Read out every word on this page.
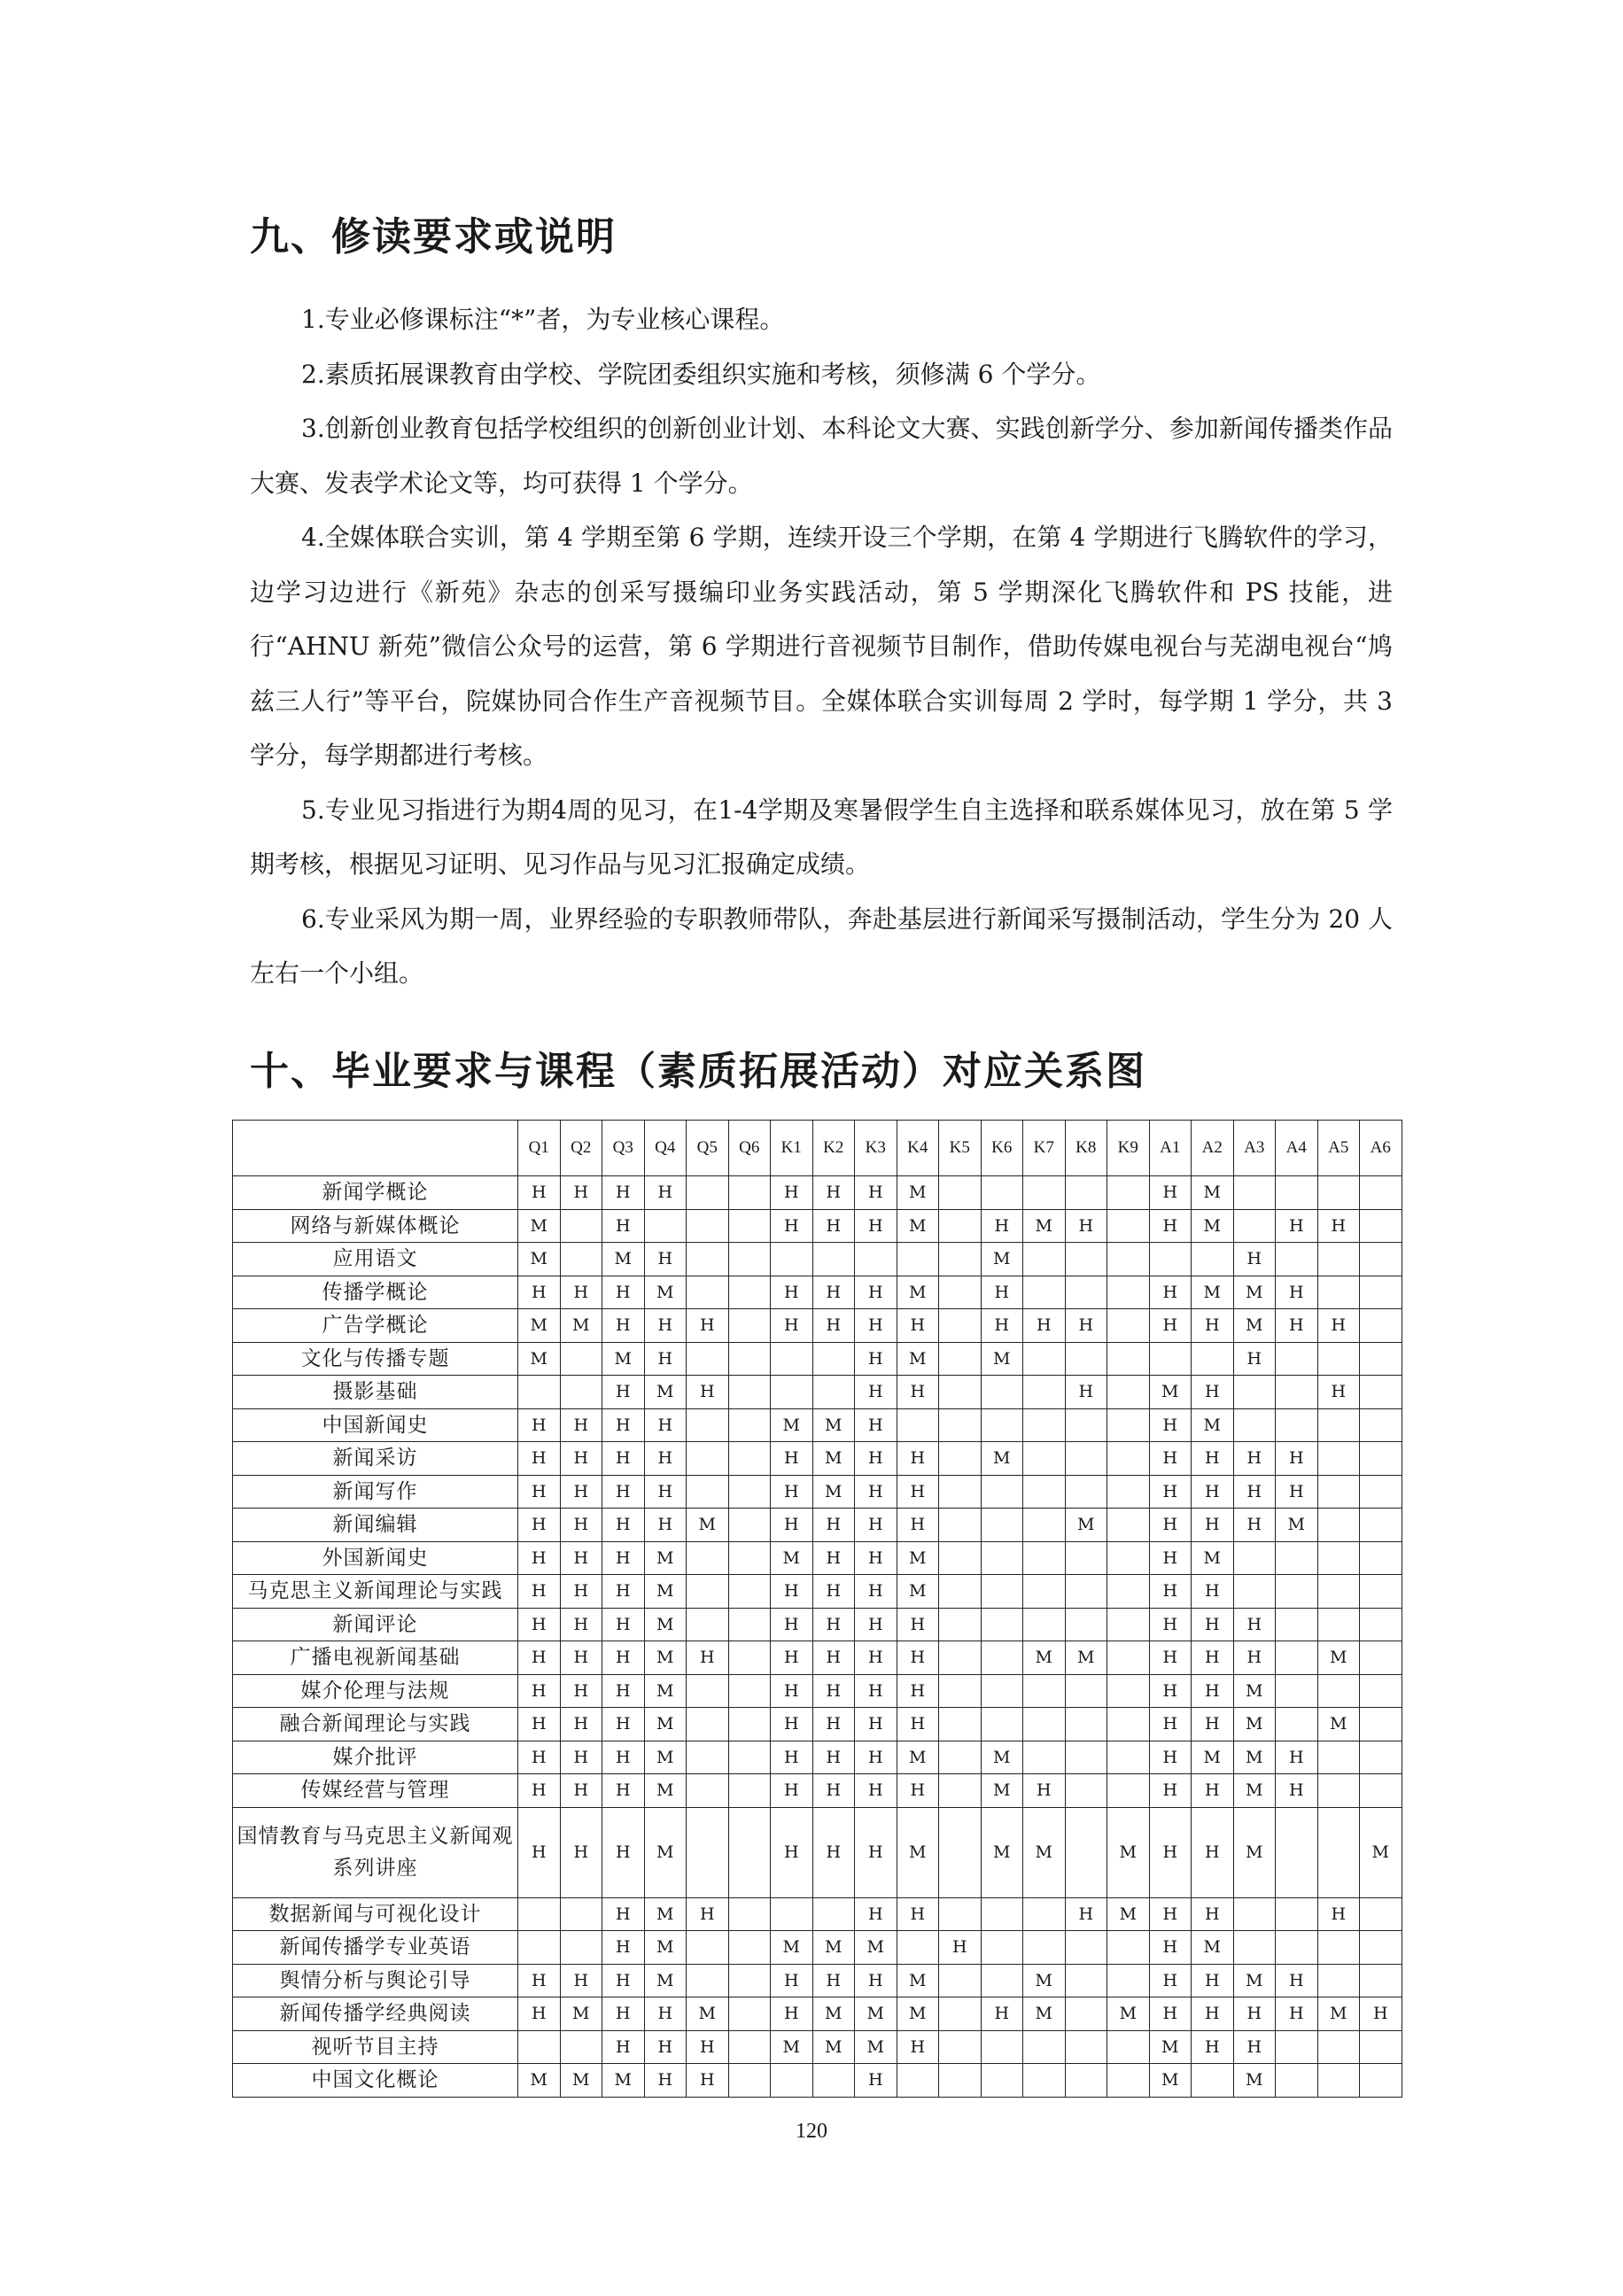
九、修读要求或说明

1.专业必修课标注“*”者，为专业核心课程。

2.素质拓展课教育由学校、学院团委组织实施和考核，须修满 6 个学分。

3.创新创业教育包括学校组织的创新创业计划、本科论文大赛、实践创新学分、参加新闻传播类作品大赛、发表学术论文等，均可获得 1 个学分。

4.全媒体联合实训，第 4 学期至第 6 学期，连续开设三个学期，在第 4 学期进行飞腾软件的学习，边学习边进行《新苑》杂志的创采写摄编印业务实践活动，第 5 学期深化飞腾软件和 PS 技能，进行“AHNU 新苑”微信公众号的运营，第 6 学期进行音视频节目制作，借助传媒电视台与芜湖电视台“鸠兹三人行”等平台，院媒协同合作生产音视频节目。全媒体联合实训每周 2 学时，每学期 1 学分，共 3 学分，每学期都进行考核。

5.专业见习指进行为期4周的见习，在1-4学期及寒暑假学生自主选择和联系媒体见习，放在第 5 学期考核，根据见习证明、见习作品与见习汇报确定成绩。

6.专业采风为期一周，业界经验的专职教师带队，奔赴基层进行新闻采写摄制活动，学生分为 20 人左右一个小组。

十、毕业要求与课程（素质拓展活动）对应关系图
	Q1	Q2	Q3	Q4	Q5	Q6	K1	K2	K3	K4	K5	K6	K7	K8	K9	A1	A2	A3	A4	A5	A6
新闻学概论	H	H	H	H			H	H	H	M						H	M				
网络与新媒体概论	M		H				H	H	H	M		H	M	H		H	M		H	H	
应用语文	M		M	H								M						H			
传播学概论	H	H	H	M			H	H	H	M		H				H	M	M	H		
广告学概论	M	M	H	H	H		H	H	H	H		H	H	H		H	H	M	H	H	
文化与传播专题	M		M	H					H	M		M						H			
摄影基础			H	M	H				H	H				H		M	H			H	
中国新闻史	H	H	H	H			M	M	H							H	M				
新闻采访	H	H	H	H			H	M	H	H		M				H	H	H	H		
新闻写作	H	H	H	H			H	M	H	H						H	H	H	H		
新闻编辑	H	H	H	H	M		H	H	H	H				M		H	H	H	M		
外国新闻史	H	H	H	M			M	H	H	M						H	M				
马克思主义新闻理论与实践	H	H	H	M			H	H	H	M						H	H				
新闻评论	H	H	H	M			H	H	H	H						H	H	H			
广播电视新闻基础	H	H	H	M	H		H	H	H	H			M	M		H	H	H		M	
媒介伦理与法规	H	H	H	M			H	H	H	H						H	H	M			
融合新闻理论与实践	H	H	H	M			H	H	H	H						H	H	M		M	
媒介批评	H	H	H	M			H	H	H	M		M				H	M	M	H		
传媒经营与管理	H	H	H	M			H	H	H	H		M	H			H	H	M	H		
国情教育与马克思主义新闻观系列讲座	H	H	H	M			H	H	H	M		M	M		M	H	H	M			M
数据新闻与可视化设计			H	M	H				H	H				H	M	H	H			H	
新闻传播学专业英语			H	M			M	M	M		H					H	M				
舆情分析与舆论引导	H	H	H	M			H	H	H	M			M			H	H	M	H		
新闻传播学经典阅读	H	M	H	H	M		H	M	M	M		H	M		M	H	H	H	H	M	H
视听节目主持			H	H	H		M	M	M	H						M	H	H			
中国文化概论	M	M	M	H	H				H							M		M			
120
